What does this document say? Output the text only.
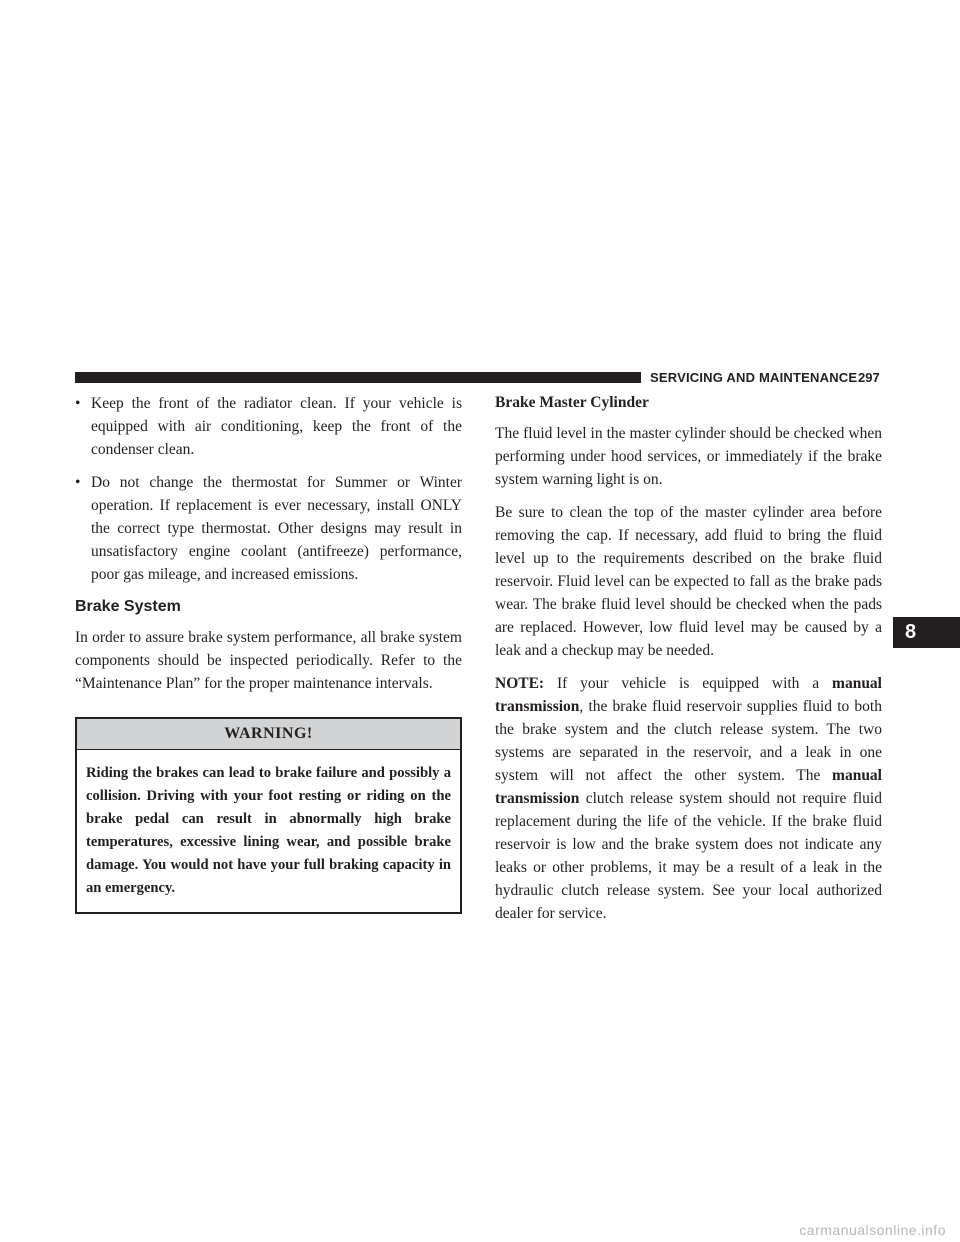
SERVICING AND MAINTENANCE 297
• Keep the front of the radiator clean. If your vehicle is equipped with air conditioning, keep the front of the condenser clean.
• Do not change the thermostat for Summer or Winter operation. If replacement is ever necessary, install ONLY the correct type thermostat. Other designs may result in unsatisfactory engine coolant (antifreeze) performance, poor gas mileage, and increased emissions.
Brake System

In order to assure brake system performance, all brake system components should be inspected periodically. Refer to the “Maintenance Plan” for the proper maintenance intervals.

WARNING!
Riding the brakes can lead to brake failure and possibly a collision. Driving with your foot resting or riding on the brake pedal can result in abnormally high brake temperatures, excessive lining wear, and possible brake damage. You would not have your full braking capacity in an emergency.
Brake Master Cylinder

The fluid level in the master cylinder should be checked when performing under hood services, or immediately if the brake system warning light is on.

Be sure to clean the top of the master cylinder area before removing the cap. If necessary, add fluid to bring the fluid level up to the requirements described on the brake fluid reservoir. Fluid level can be expected to fall as the brake pads wear. The brake fluid level should be checked when the pads are replaced. However, low fluid level may be caused by a leak and a checkup may be needed.

NOTE: If your vehicle is equipped with a manual transmission, the brake fluid reservoir supplies fluid to both the brake system and the clutch release system. The two systems are separated in the reservoir, and a leak in one system will not affect the other system. The manual transmission clutch release system should not require fluid replacement during the life of the vehicle. If the brake fluid reservoir is low and the brake system does not indicate any leaks or other problems, it may be a result of a leak in the hydraulic clutch release system. See your local authorized dealer for service.

8
carmanualsonline.info
